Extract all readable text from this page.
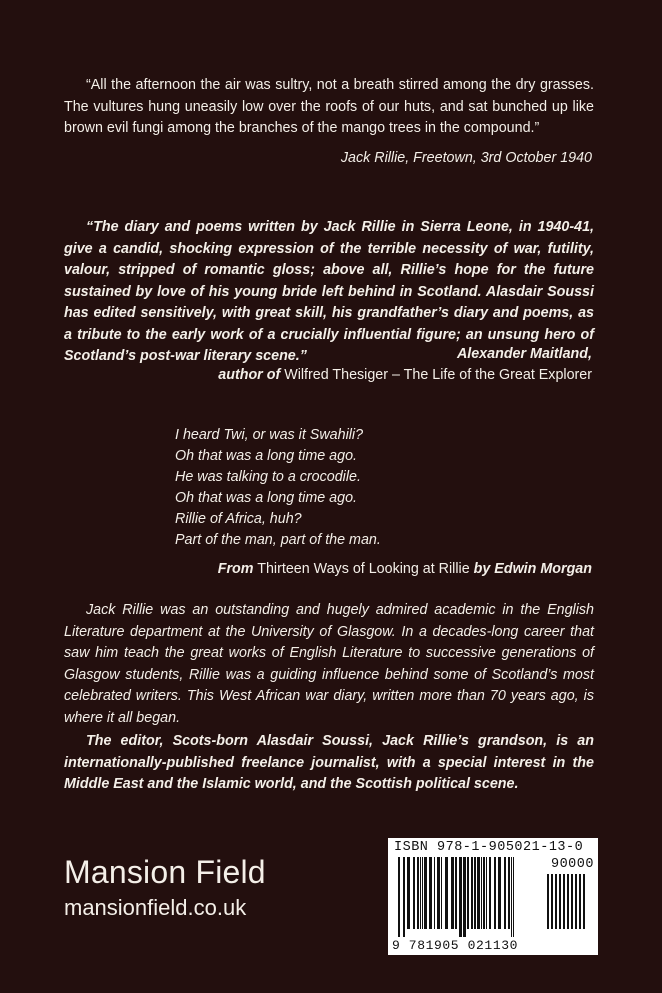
“All the afternoon the air was sultry, not a breath stirred among the dry grasses. The vultures hung uneasily low over the roofs of our huts, and sat bunched up like brown evil fungi among the branches of the mango trees in the compound.”

Jack Rillie, Freetown, 3rd October 1940

“The diary and poems written by Jack Rillie in Sierra Leone, in 1940-41, give a candid, shocking expression of the terrible necessity of war, futility, valour, stripped of romantic gloss; above all, Rillie’s hope for the future sustained by love of his young bride left behind in Scotland. Alasdair Soussi has edited sensitively, with great skill, his grandfather’s diary and poems, as a tribute to the early work of a crucially influential figure; an unsung hero of Scotland’s post-war literary scene.”	Alexander Maitland,
author of Wilfred Thesiger – The Life of the Great Explorer
I heard Twi, or was it Swahili?
Oh that was a long time ago.
He was talking to a crocodile.
Oh that was a long time ago.
Rillie of Africa, huh?
Part of the man, part of the man.
From Thirteen Ways of Looking at Rillie by Edwin Morgan

Jack Rillie was an outstanding and hugely admired academic in the English Literature department at the University of Glasgow. In a decades-long career that saw him teach the great works of English Literature to successive generations of Glasgow students, Rillie was a guiding influence behind some of Scotland’s most celebrated writers. This West African war diary, written more than 70 years ago, is where it all began.

The editor, Scots-born Alasdair Soussi, Jack Rillie’s grandson, is an internationally-published freelance journalist, with a special interest in the Middle East and the Islamic world, and the Scottish political scene.

Mansion Field
mansionfield.co.uk
ISBN 978-1-905021-13-0
90000
9 781905 021130
